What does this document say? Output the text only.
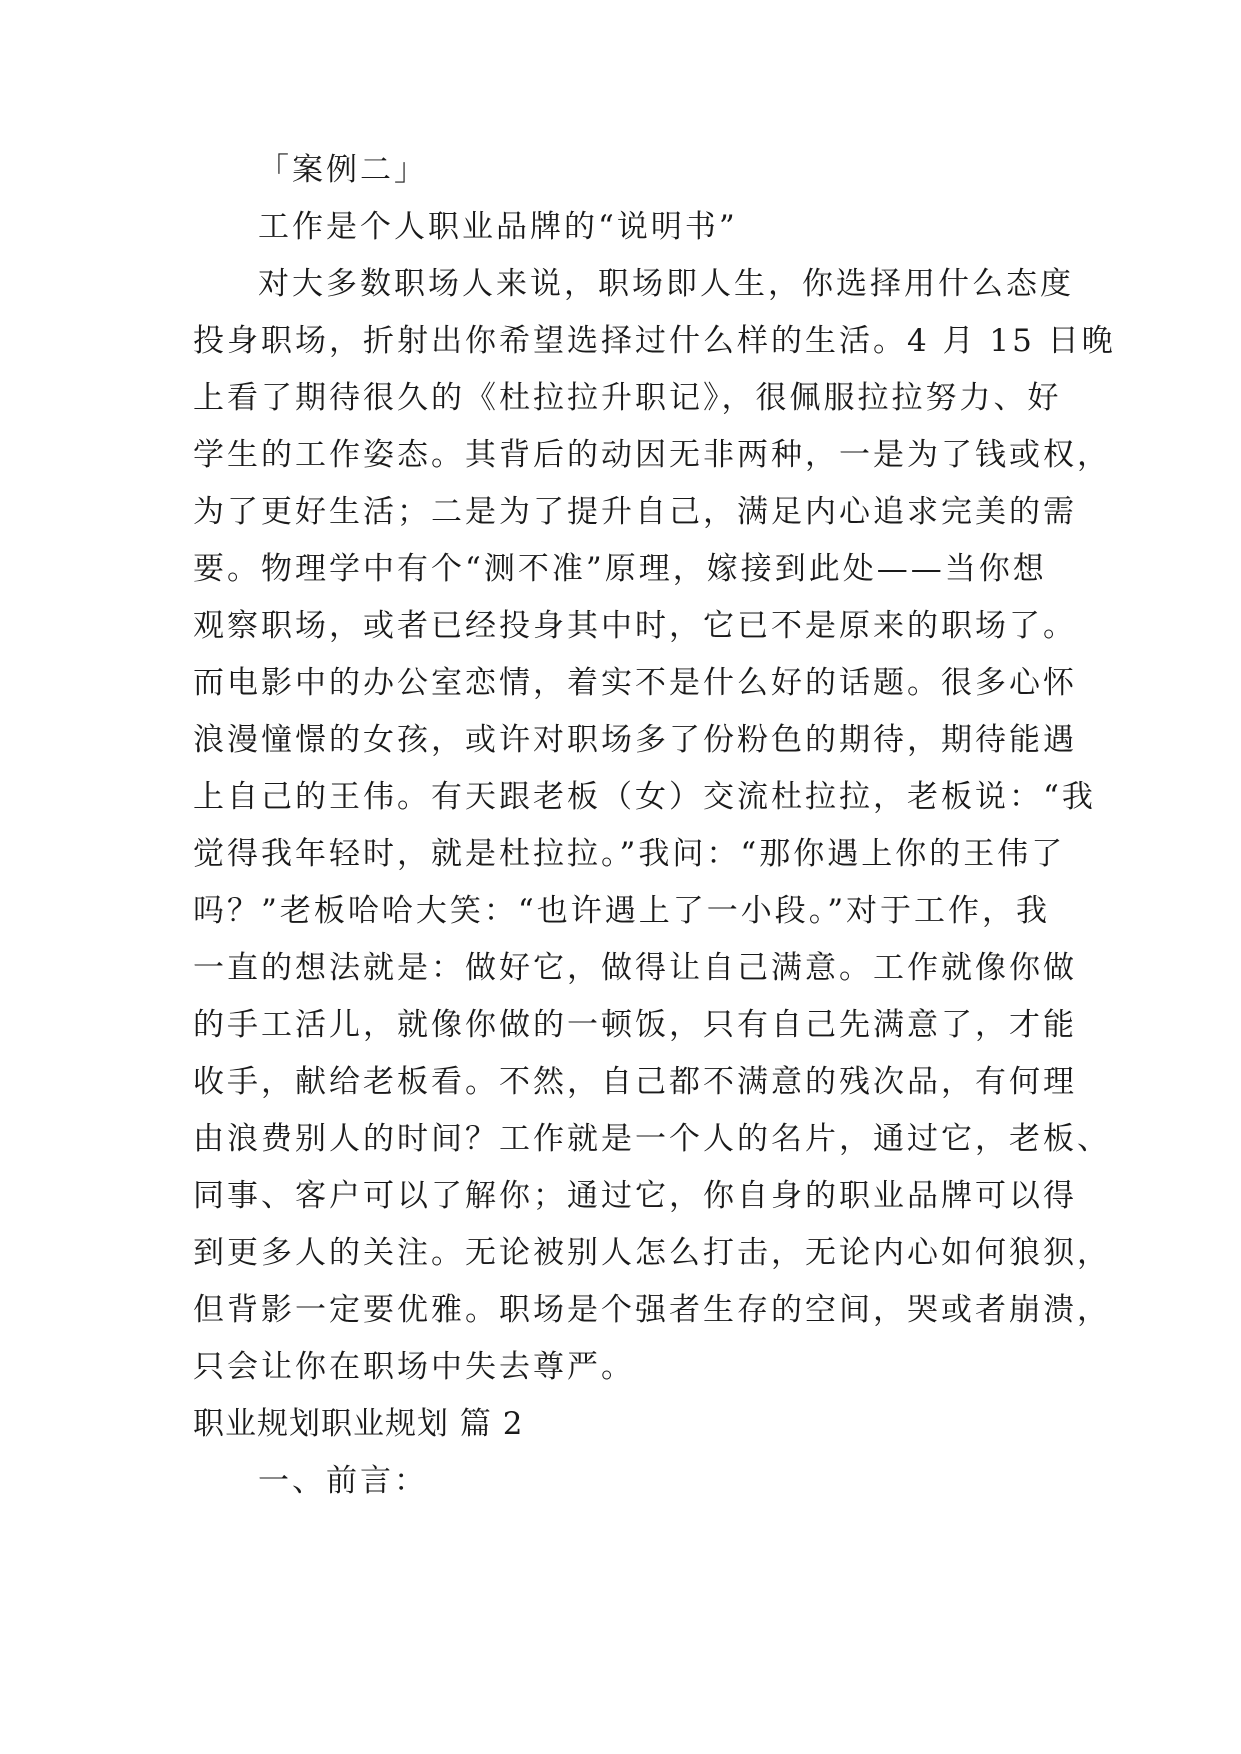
「案例二」
工作是个人职业品牌的“说明书”
对大多数职场人来说，职场即人生，你选择用什么态度
投身职场，折射出你希望选择过什么样的生活。4 月 15 日晚
上看了期待很久的《杜拉拉升职记》，很佩服拉拉努力、好
学生的工作姿态。其背后的动因无非两种，一是为了钱或权，
为了更好生活；二是为了提升自己，满足内心追求完美的需
要。物理学中有个“测不准”原理，嫁接到此处——当你想
观察职场，或者已经投身其中时，它已不是原来的职场了。
而电影中的办公室恋情，着实不是什么好的话题。很多心怀
浪漫憧憬的女孩，或许对职场多了份粉色的期待，期待能遇
上自己的王伟。有天跟老板（女）交流杜拉拉，老板说：“我
觉得我年轻时，就是杜拉拉。”我问：“那你遇上你的王伟了
吗？”老板哈哈大笑：“也许遇上了一小段。”对于工作，我
一直的想法就是：做好它，做得让自己满意。工作就像你做
的手工活儿，就像你做的一顿饭，只有自己先满意了，才能
收手，献给老板看。不然，自己都不满意的残次品，有何理
由浪费别人的时间？工作就是一个人的名片，通过它，老板、
同事、客户可以了解你；通过它，你自身的职业品牌可以得
到更多人的关注。无论被别人怎么打击，无论内心如何狼狈，
但背影一定要优雅。职场是个强者生存的空间，哭或者崩溃，
只会让你在职场中失去尊严。
职业规划职业规划 篇 2
一、前言：
